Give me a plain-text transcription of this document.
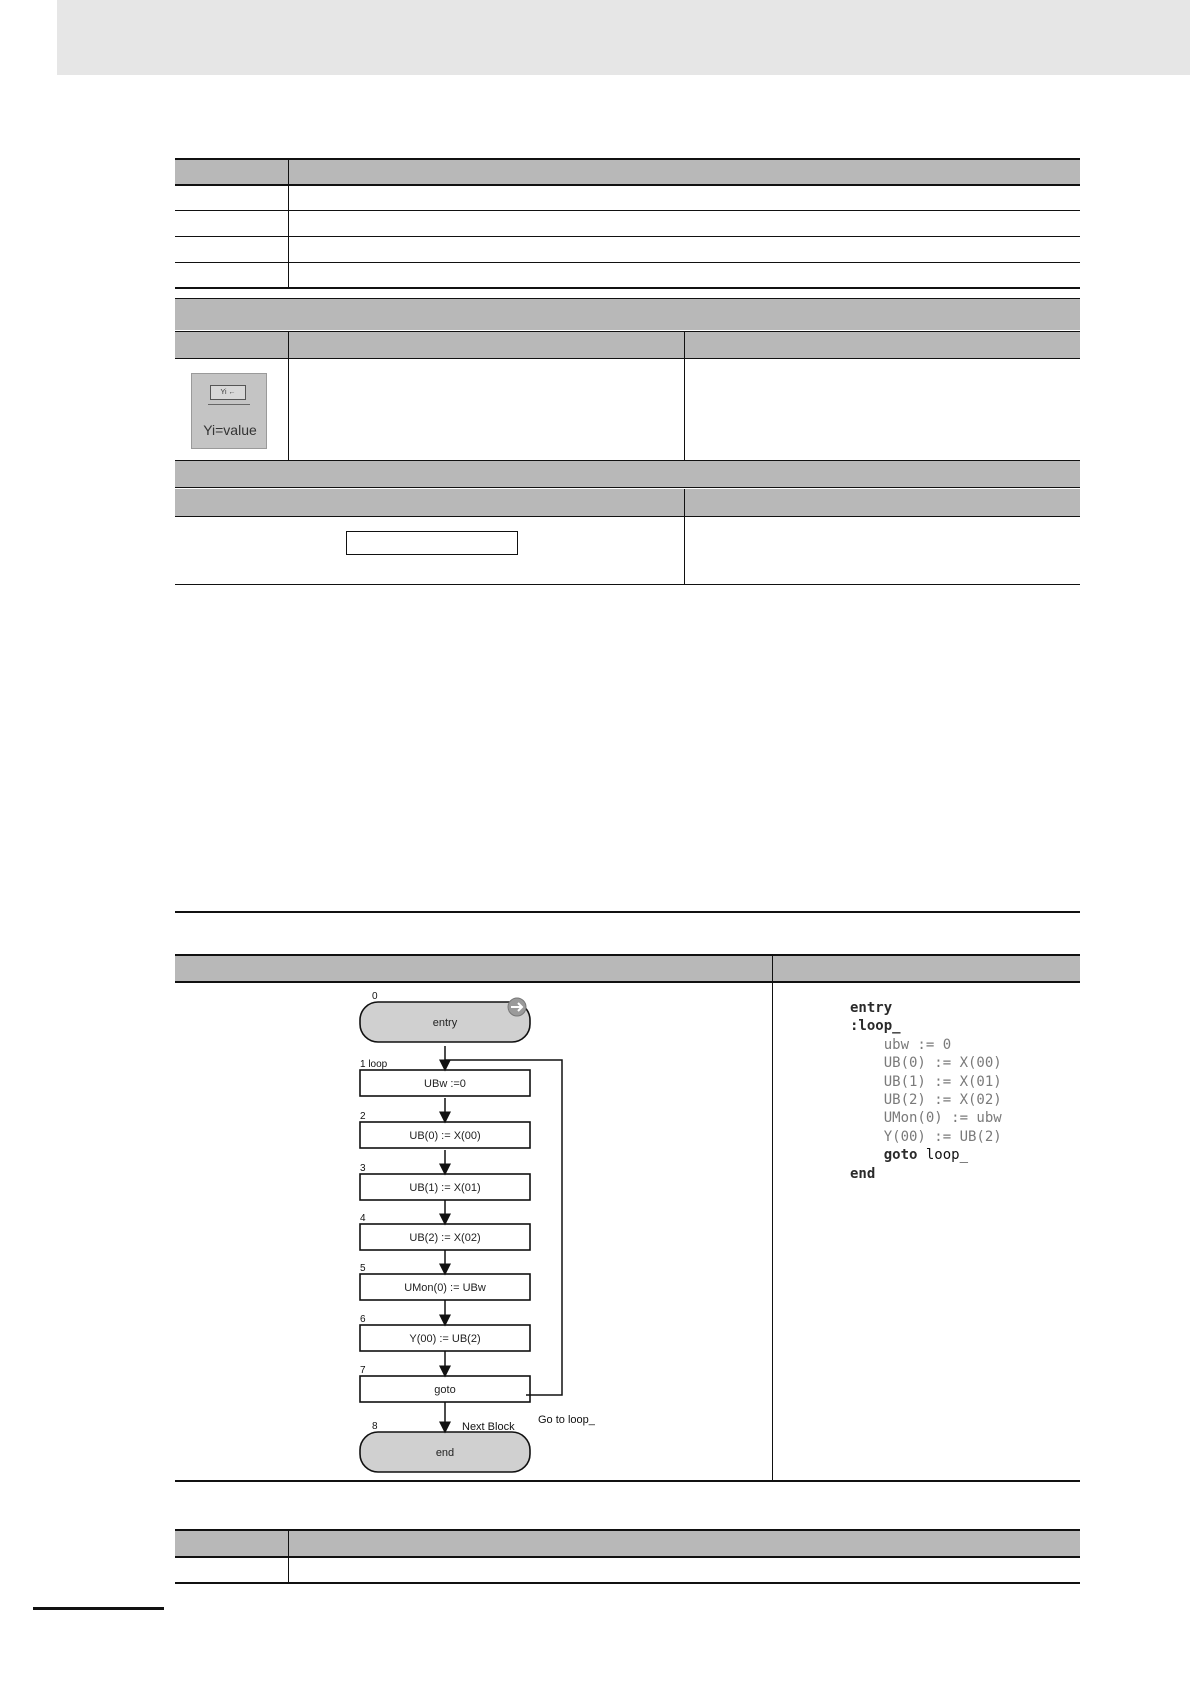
Yi ←
Yi=value
entry
0
UBw :=0
1 loop
UB(0) := X(00)
2
UB(1) := X(01)
3
UB(2) := X(02)
4
UMon(0) := UBw
5
Y(00) := UB(2)
6
goto
7
end
8	Next Block
Go to loop_
entry
:loop_
ubw := 0
UB(0) := X(00)
UB(1) := X(01)
UB(2) := X(02)
UMon(0) := ubw
Y(00) := UB(2)
goto loop_
end
